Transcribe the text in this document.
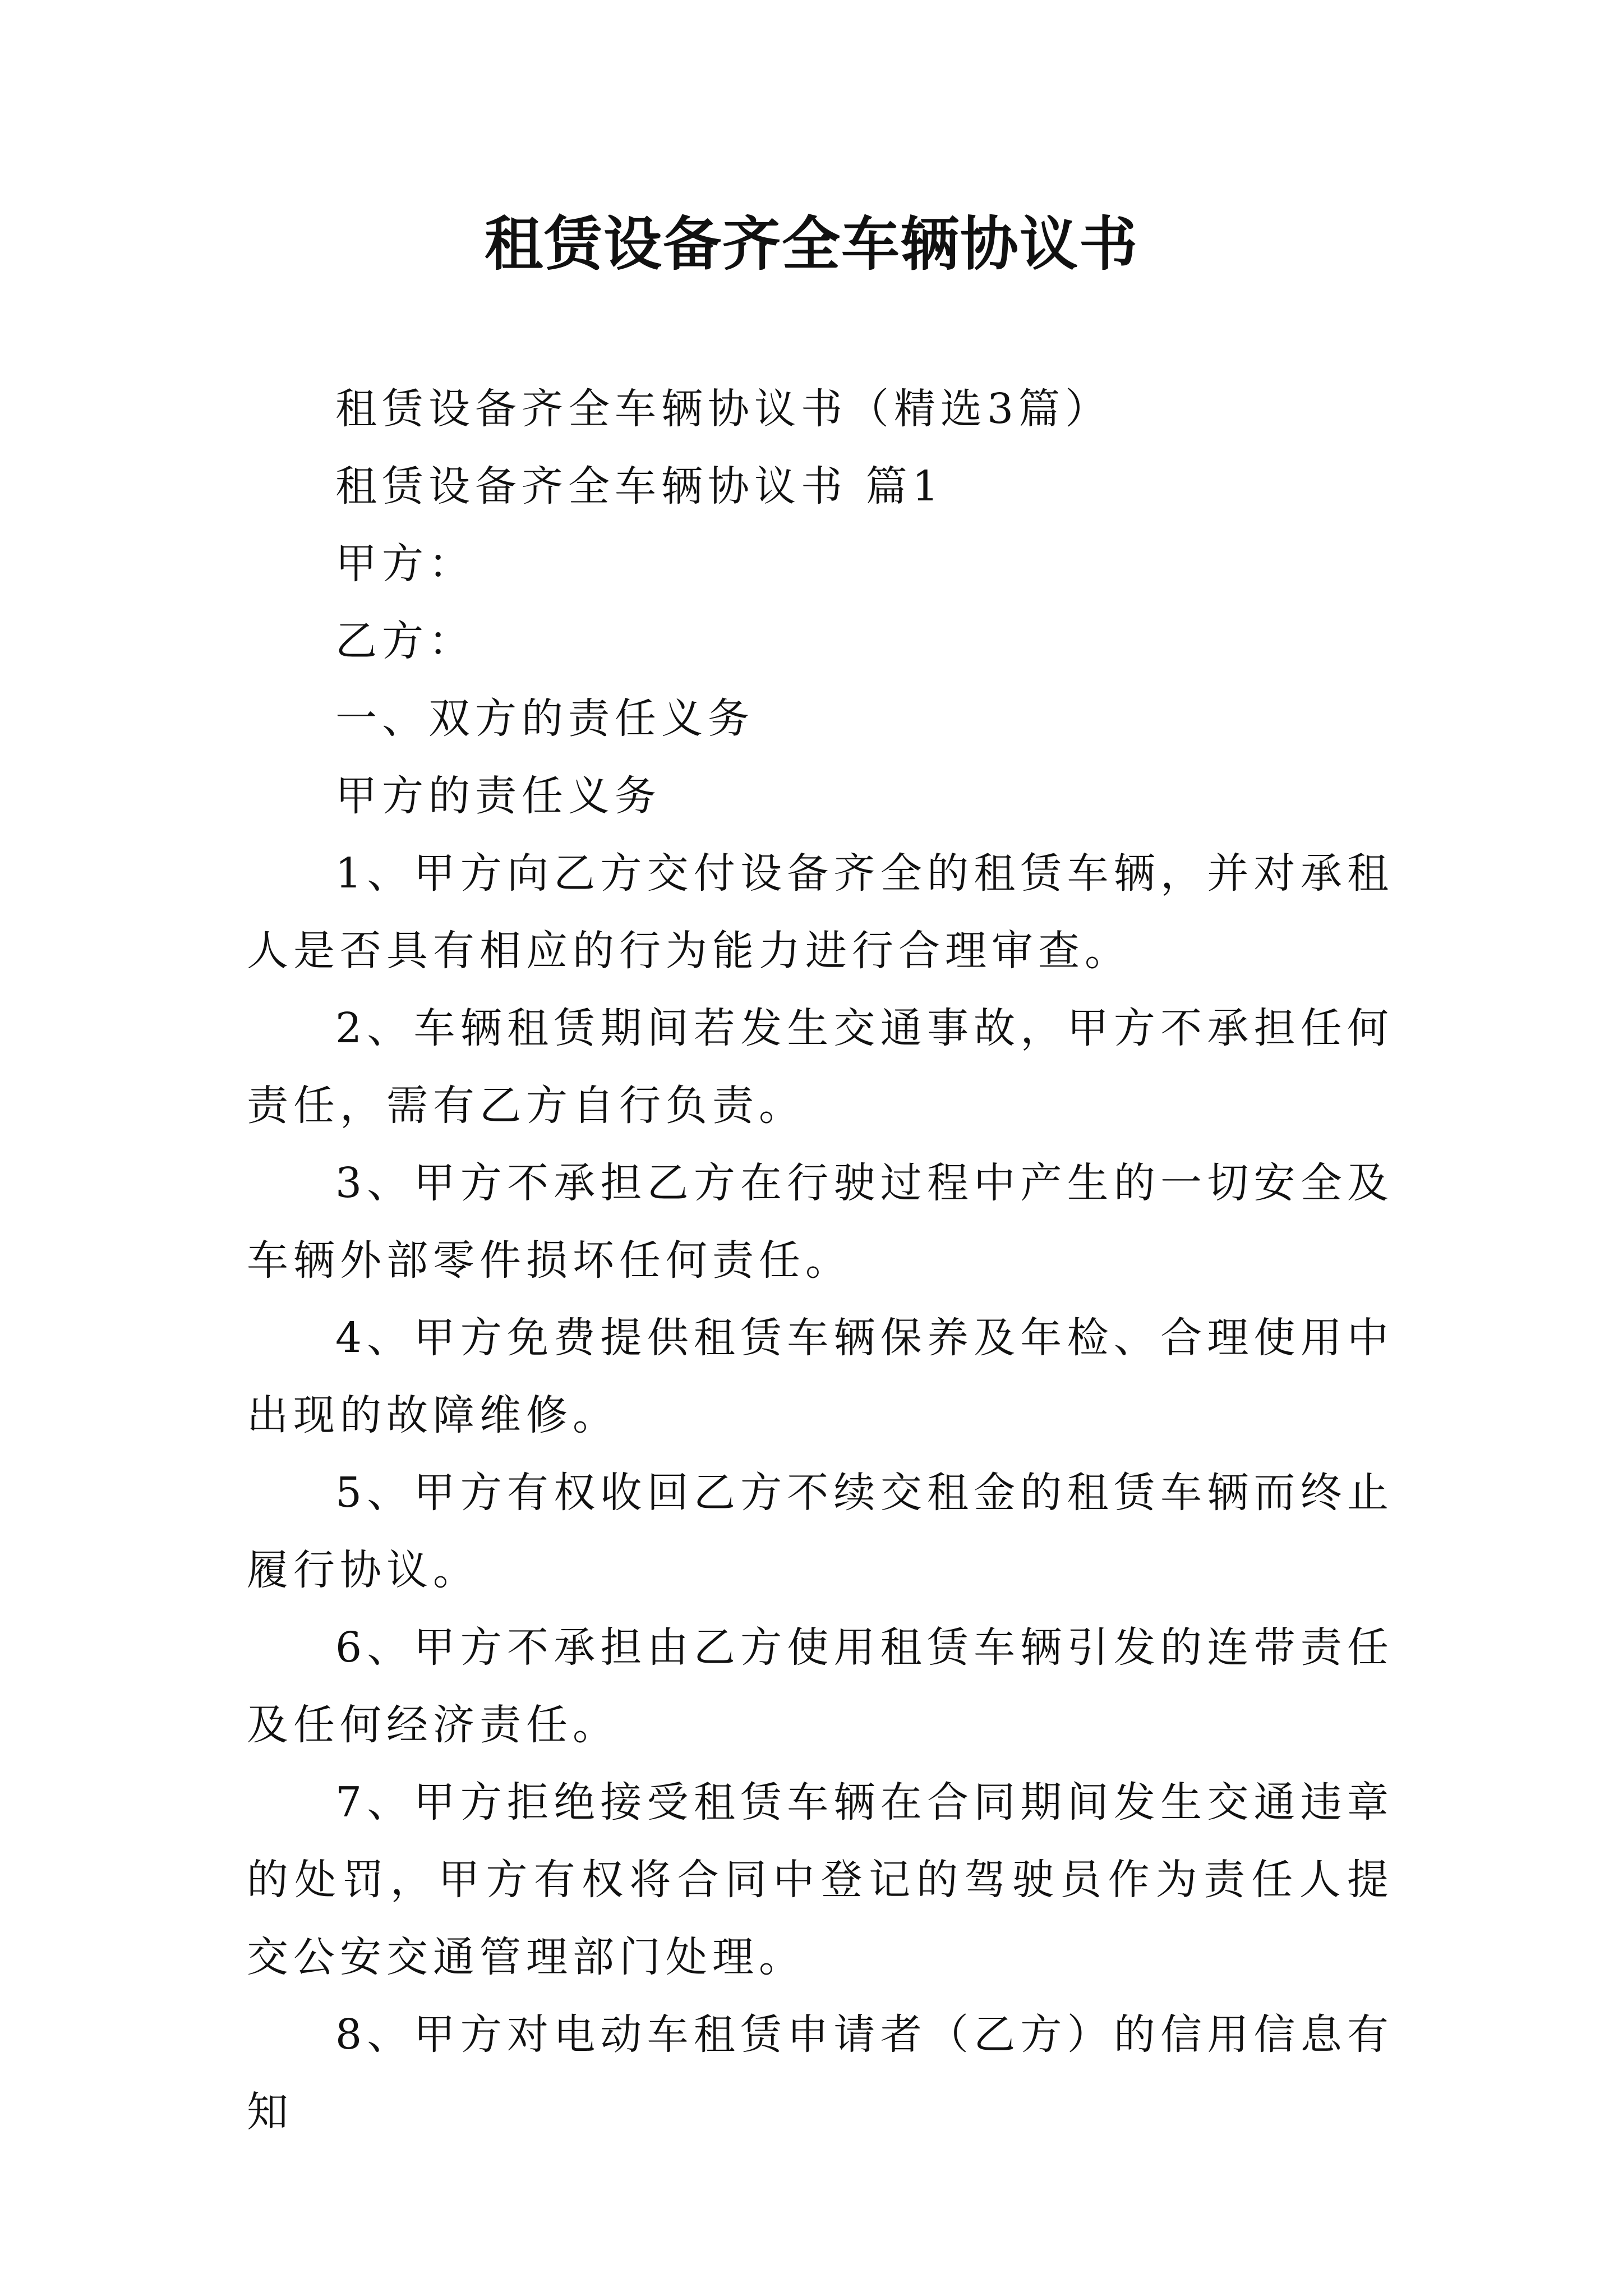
租赁设备齐全车辆协议书

租赁设备齐全车辆协议书（精选3篇）

租赁设备齐全车辆协议书 篇1

甲方：

乙方：

一、双方的责任义务

甲方的责任义务

1、甲方向乙方交付设备齐全的租赁车辆，并对承租人是否具有相应的行为能力进行合理审查。

2、车辆租赁期间若发生交通事故，甲方不承担任何责任，需有乙方自行负责。

3、甲方不承担乙方在行驶过程中产生的一切安全及车辆外部零件损坏任何责任。

4、甲方免费提供租赁车辆保养及年检、合理使用中出现的故障维修。

5、甲方有权收回乙方不续交租金的租赁车辆而终止履行协议。

6、甲方不承担由乙方使用租赁车辆引发的连带责任及任何经济责任。

7、甲方拒绝接受租赁车辆在合同期间发生交通违章的处罚，甲方有权将合同中登记的驾驶员作为责任人提交公安交通管理部门处理。

8、甲方对电动车租赁申请者（乙方）的信用信息有知
